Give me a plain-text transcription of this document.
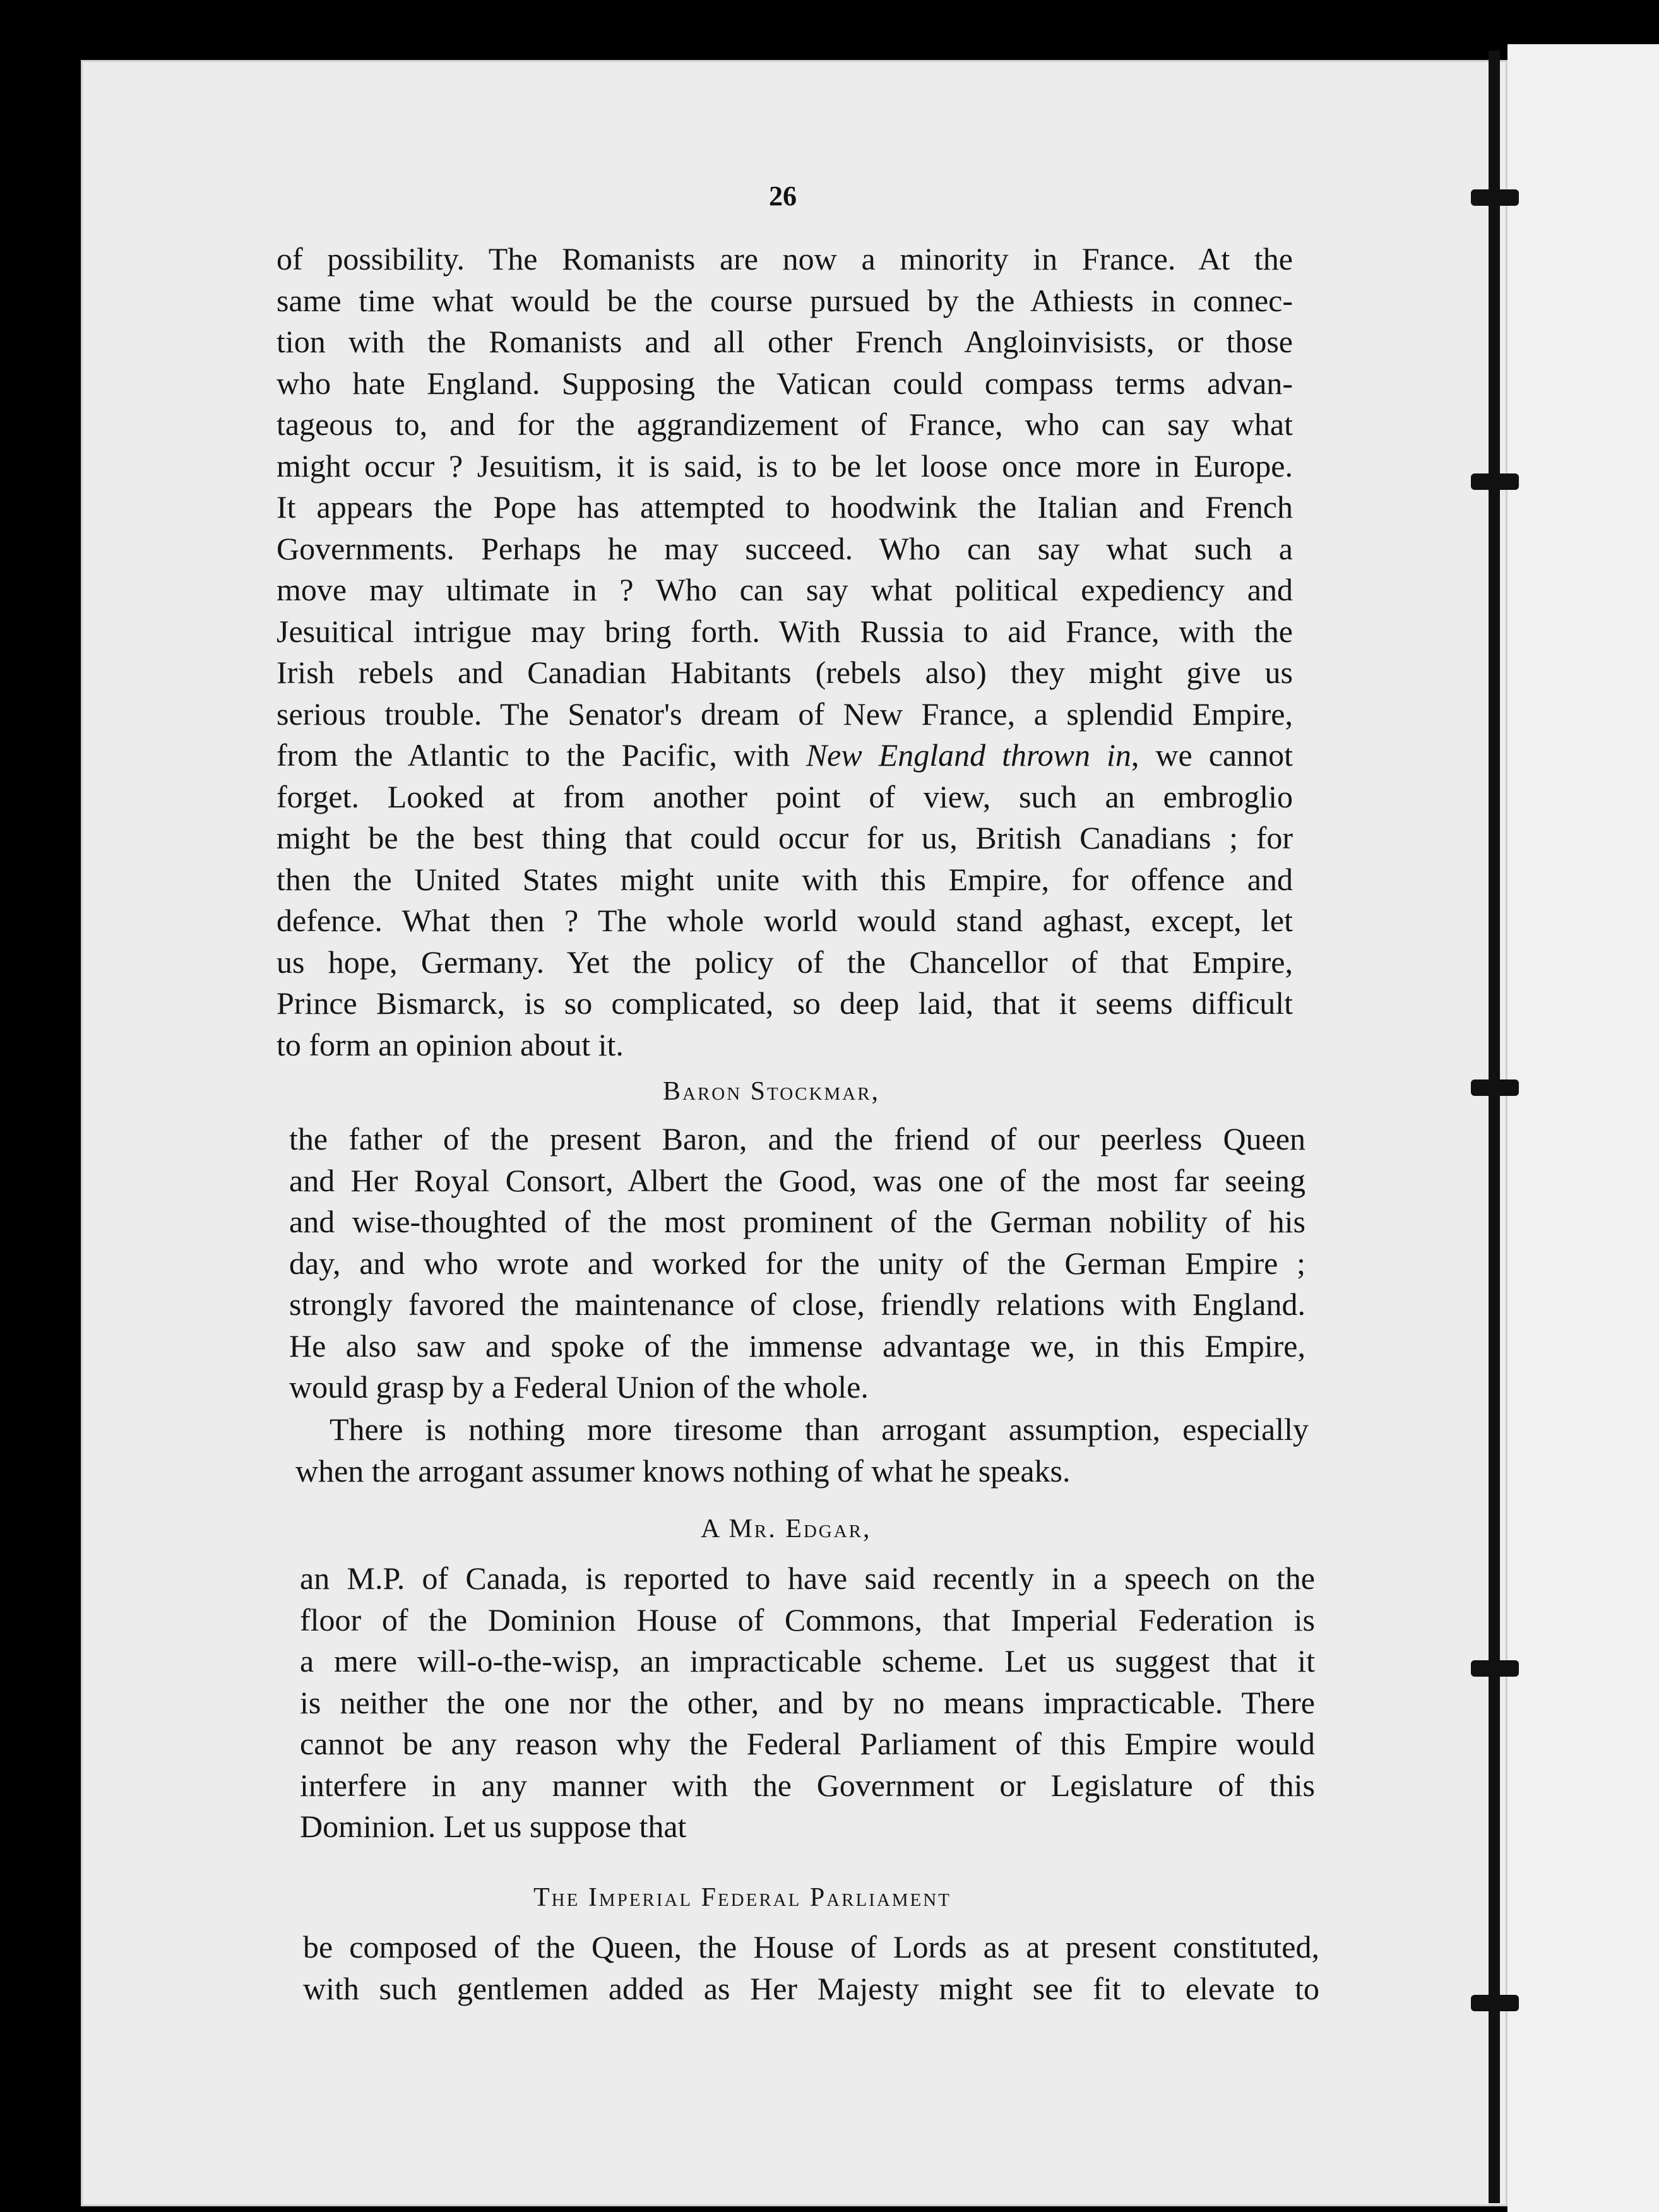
26
of possibility. The Romanists are now a minority in France. At the
same time what would be the course pursued by the Athiests in connec-
tion with the Romanists and all other French Angloinvisists, or those
who hate England. Supposing the Vatican could compass terms advan-
tageous to, and for the aggrandizement of France, who can say what
might occur ? Jesuitism, it is said, is to be let loose once more in Europe.
It appears the Pope has attempted to hoodwink the Italian and French
Governments. Perhaps he may succeed. Who can say what such a
move may ultimate in ? Who can say what political expediency and
Jesuitical intrigue may bring forth. With Russia to aid France, with the
Irish rebels and Canadian Habitants (rebels also) they might give us
serious trouble. The Senator's dream of New France, a splendid Empire,
from the Atlantic to the Pacific, with New England thrown in, we cannot
forget. Looked at from another point of view, such an embroglio
might be the best thing that could occur for us, British Canadians ; for
then the United States might unite with this Empire, for offence and
defence. What then ? The whole world would stand aghast, except, let
us hope, Germany. Yet the policy of the Chancellor of that Empire,
Prince Bismarck, is so complicated, so deep laid, that it seems difficult
to form an opinion about it.
Baron Stockmar,
the father of the present Baron, and the friend of our peerless Queen
and Her Royal Consort, Albert the Good, was one of the most far seeing
and wise-thoughted of the most prominent of the German nobility of his
day, and who wrote and worked for the unity of the German Empire ;
strongly favored the maintenance of close, friendly relations with England.
He also saw and spoke of the immense advantage we, in this Empire,
would grasp by a Federal Union of the whole.
There is nothing more tiresome than arrogant assumption, especially
when the arrogant assumer knows nothing of what he speaks.
A Mr. Edgar,
an M.P. of Canada, is reported to have said recently in a speech on the
floor of the Dominion House of Commons, that Imperial Federation is
a mere will-o-the-wisp, an impracticable scheme. Let us suggest that it
is neither the one nor the other, and by no means impracticable. There
cannot be any reason why the Federal Parliament of this Empire would
interfere in any manner with the Government or Legislature of this
Dominion. Let us suppose that
The Imperial Federal Parliament
be composed of the Queen, the House of Lords as at present constituted,
with such gentlemen added as Her Majesty might see fit to elevate to
